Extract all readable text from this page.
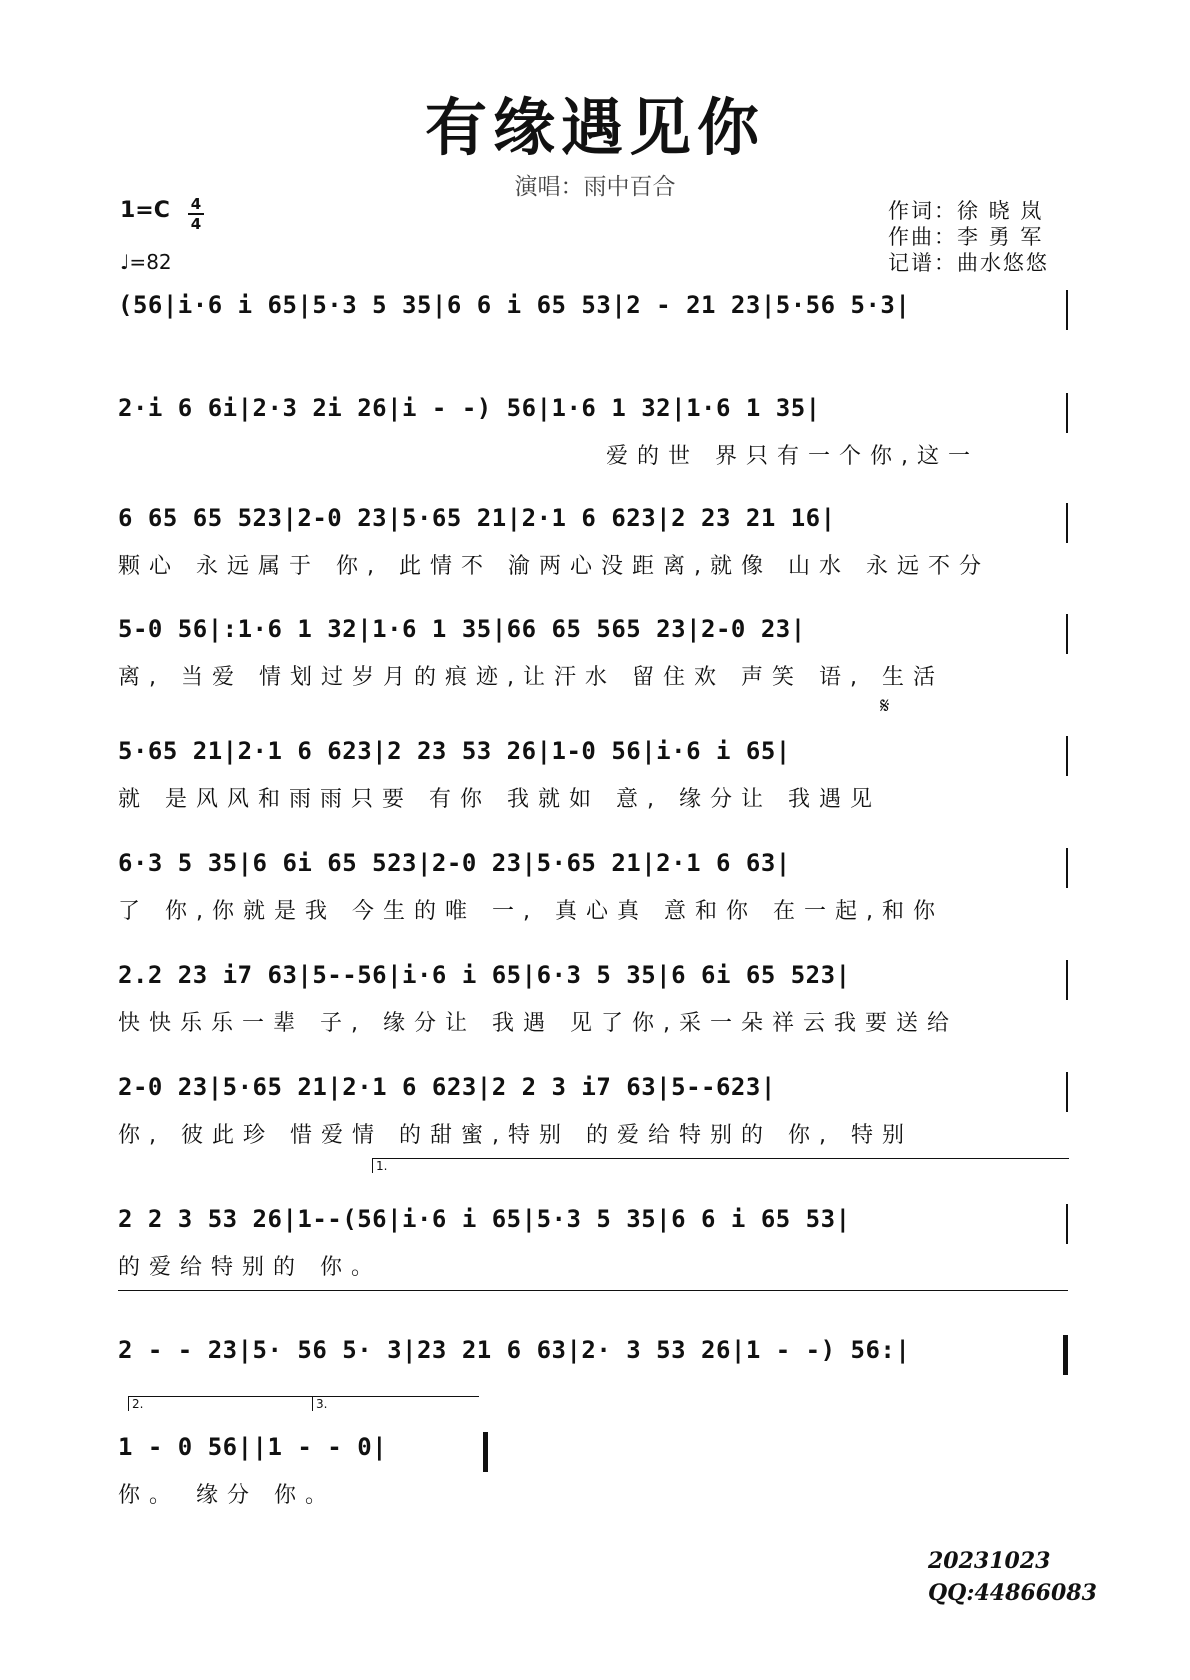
有缘遇见你
演唱：雨中百合
1=C 4
4
♩=82
作词：徐 晓 岚
作曲：李 勇 军
记谱：曲水悠悠
(56|i·6 i 65|5·3 5 35|6 6 i 65 53|2 - 21 23|5·56 5·3|
2·i 6 6i|2·3 2i 26|i - -) 56|1·6 1 32|1·6 1 35|
爱的世 界只有一个你,这一
6 65 65 523|2-0 23|5·65 21|2·1 6 623|2 23 21 16|
颗心 永远属于 你, 此情不 渝两心没距离,就像 山水 永远不分
5-0 56|:1·6 1 32|1·6 1 35|66 65 565 23|2-0 23|
离, 当爱 情划过岁月的痕迹,让汗水 留住欢 声笑 语, 生活
𝄋
5·65 21|2·1 6 623|2 23 53 26|1-0 56|i·6 i 65|
就 是风风和雨雨只要 有你 我就如 意, 缘分让 我遇见
6·3 5 35|6 6i 65 523|2-0 23|5·65 21|2·1 6 63|
了 你,你就是我 今生的唯 一, 真心真 意和你 在一起,和你
2.2 23 i7 63|5--56|i·6 i 65|6·3 5 35|6 6i 65 523|
快快乐乐一辈 子, 缘分让 我遇 见了你,采一朵祥云我要送给
2-0 23|5·65 21|2·1 6 623|2 2 3 i7 63|5--623|
你, 彼此珍 惜爱情 的甜蜜,特别 的爱给特别的 你, 特别
1.
2 2 3 53 26|1--(56|i·6 i 65|5·3 5 35|6 6 i 65 53|
的爱给特别的 你。
2 - - 23|5· 56 5· 3|23 21 6 63|2· 3 53 26|1 - -) 56:|
2.	3.
1 - 0 56||1 - - 0|
你。 缘分 你。
20231023
QQ:44866083
